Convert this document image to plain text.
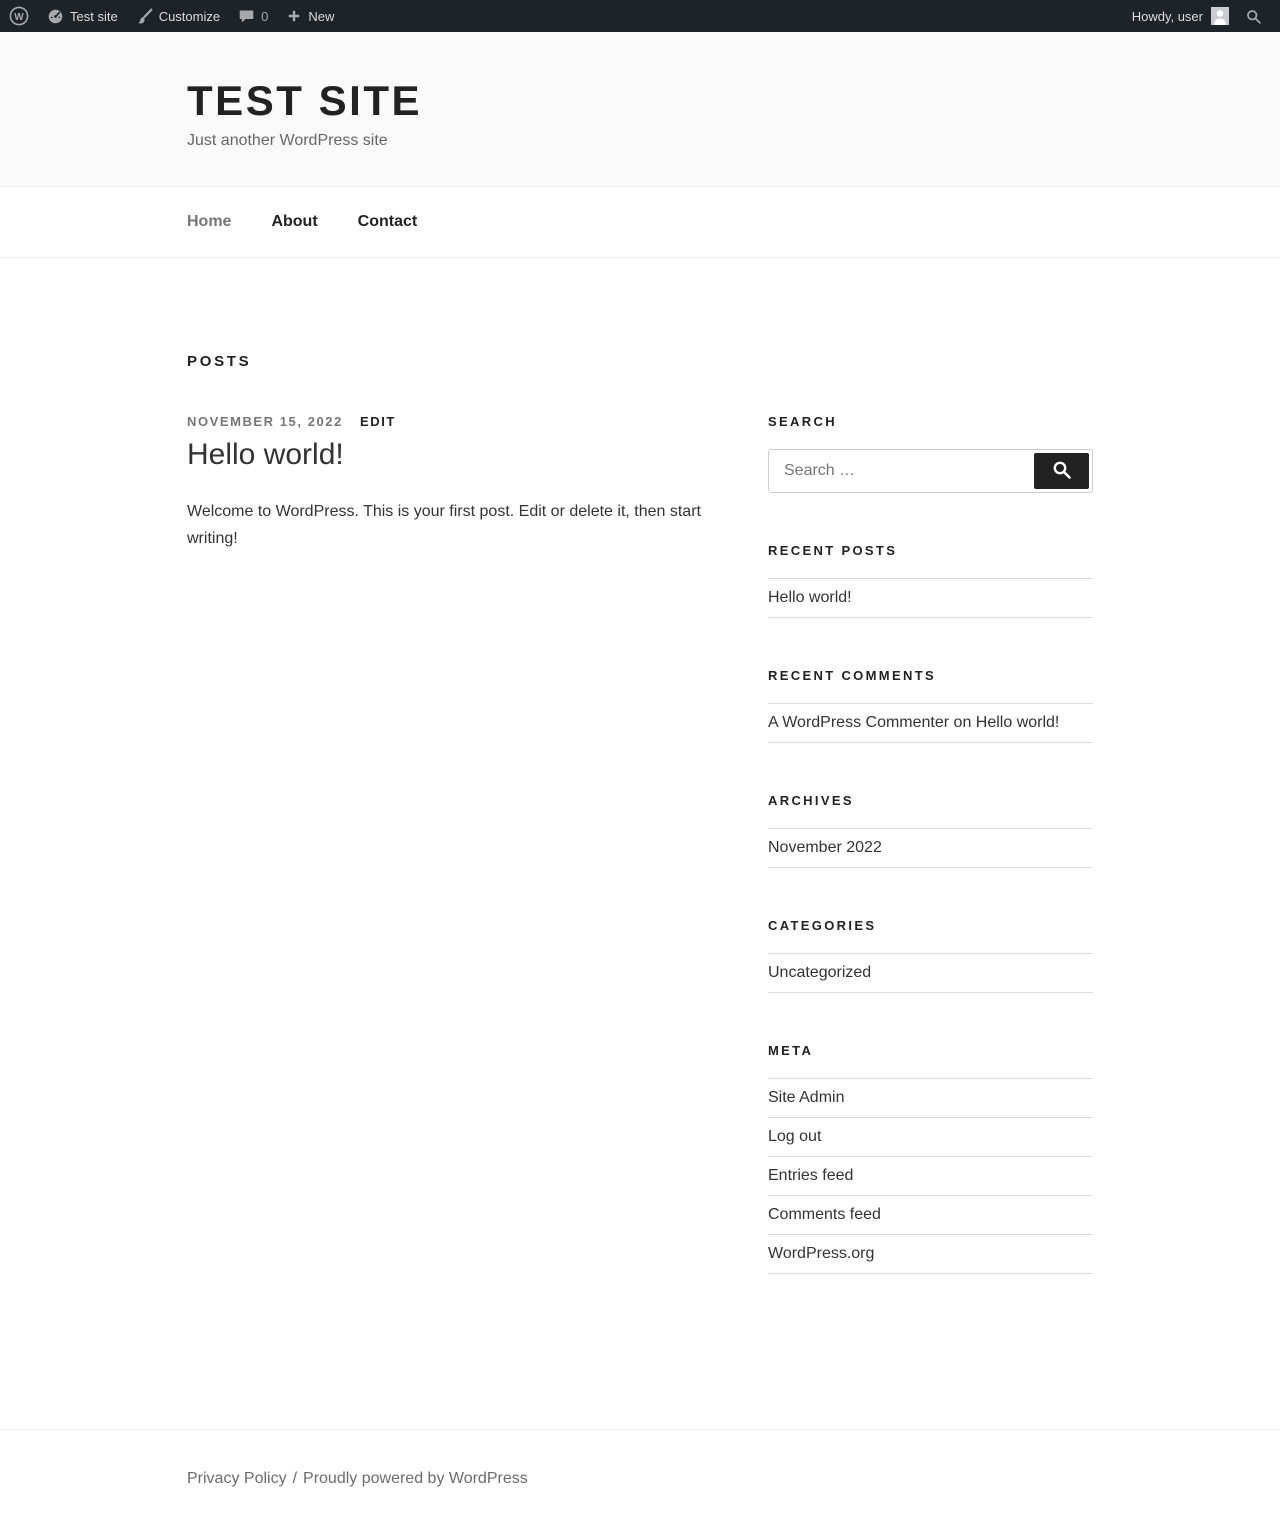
W	Test site	Customize	0	New	Howdy, user
TEST SITE
Just another WordPress site
Home	About	Contact
POSTS
NOVEMBER 15, 2022 EDIT
Hello world!

Welcome to WordPress. This is your first post. Edit or delete it, then start writing!

SEARCH
Search …
RECENT POSTS
Hello world!
RECENT COMMENTS
A WordPress Commenter on Hello world!
ARCHIVES
November 2022
CATEGORIES
Uncategorized
META
Site Admin
Log out
Entries feed
Comments feed
WordPress.org
Privacy Policy / Proudly powered by WordPress
